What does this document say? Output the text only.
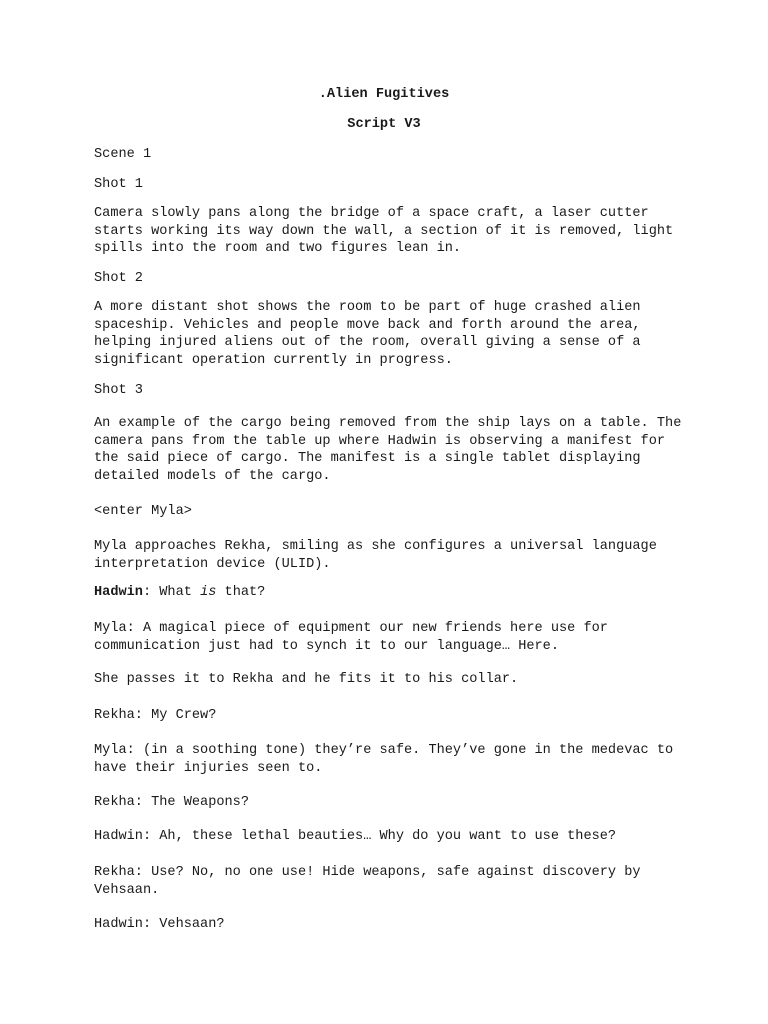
.Alien Fugitives

Script V3

Scene 1

Shot 1

Camera slowly pans along the bridge of a space craft, a laser cutter starts working its way down the wall, a section of it is removed, light spills into the room and two figures lean in.

Shot 2

A more distant shot shows the room to be part of huge crashed alien spaceship. Vehicles and people move back and forth around the area, helping injured aliens out of the room, overall giving a sense of a significant operation currently in progress.

Shot 3

An example of the cargo being removed from the ship lays on a table. The camera pans from the table up where Hadwin is observing a manifest for the said piece of cargo. The manifest is a single tablet displaying detailed models of the cargo.

<enter Myla>

Myla approaches Rekha, smiling as she configures a universal language interpretation device (ULID).

Hadwin: What is that?

Myla: A magical piece of equipment our new friends here use for communication just had to synch it to our language… Here.

She passes it to Rekha and he fits it to his collar.

Rekha: My Crew?

Myla: (in a soothing tone) they’re safe. They’ve gone in the medevac to have their injuries seen to.

Rekha: The Weapons?

Hadwin: Ah, these lethal beauties… Why do you want to use these?

Rekha: Use? No, no one use! Hide weapons, safe against discovery by Vehsaan.

Hadwin: Vehsaan?
